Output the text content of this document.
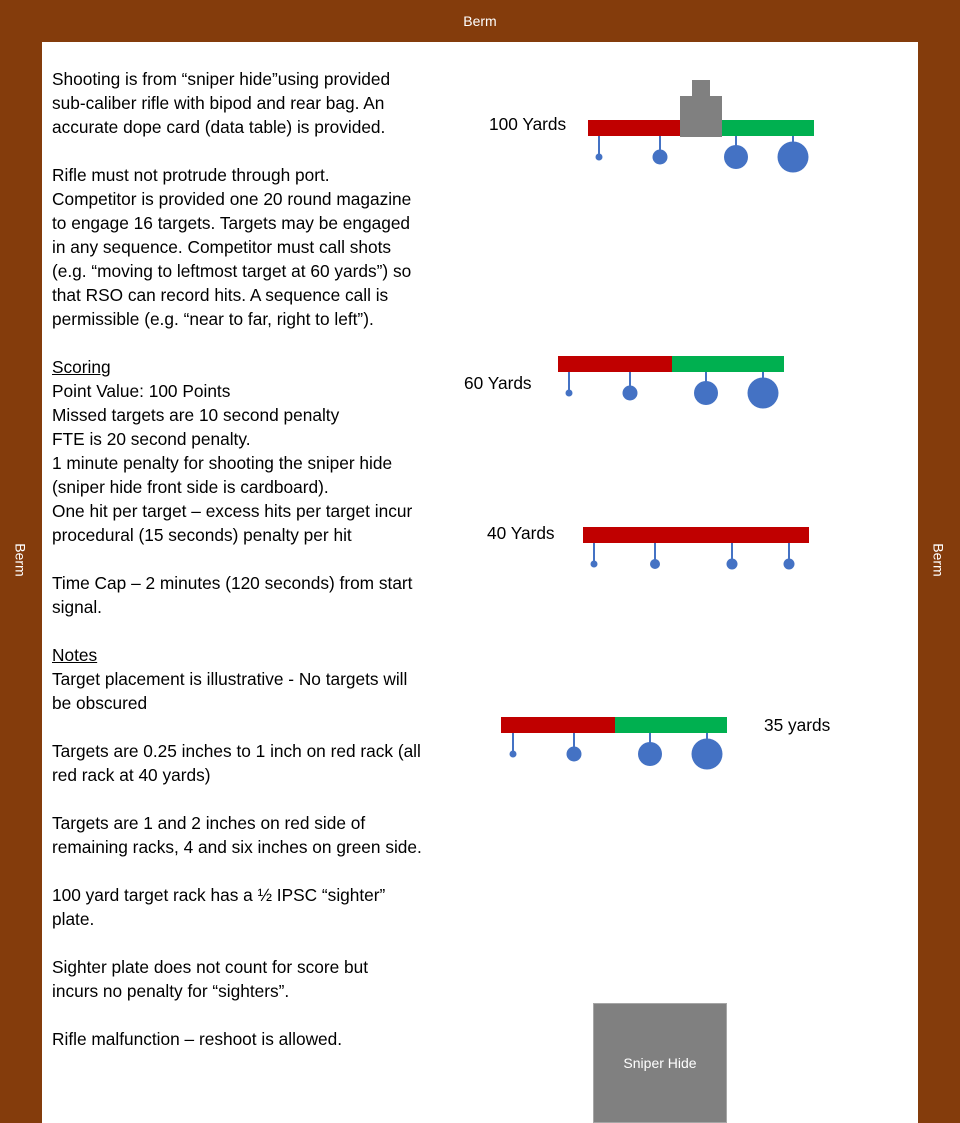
Berm
Berm	Berm

Shooting is from “sniper hide”using provided
sub-caliber rifle with bipod and rear bag. An
accurate dope card (data table) is provided.

Rifle must not protrude through port.
Competitor is provided one 20 round magazine
to engage 16 targets. Targets may be engaged
in any sequence. Competitor must call shots
(e.g. “moving to leftmost target at 60 yards”) so
that RSO can record hits. A sequence call is
permissible (e.g. “near to far, right to left”).

Scoring
Point Value: 100 Points
Missed targets are 10 second penalty
FTE is 20 second penalty.
1 minute penalty for shooting the sniper hide
(sniper hide front side is cardboard).
One hit per target – excess hits per target incur
procedural (15 seconds) penalty per hit

Time Cap – 2 minutes (120 seconds) from start
signal.

Notes
Target placement is illustrative - No targets will
be obscured

Targets are 0.25 inches to 1 inch on red rack (all
red rack at 40 yards)

Targets are 1 and 2 inches on red side of
remaining racks, 4 and six inches on green side.

100 yard target rack has a ½ IPSC “sighter”
plate.

Sighter plate does not count for score but
incurs no penalty for “sighters”.

Rifle malfunction – reshoot is allowed.

100 Yards
60 Yards
40 Yards
35 yards
Sniper Hide
